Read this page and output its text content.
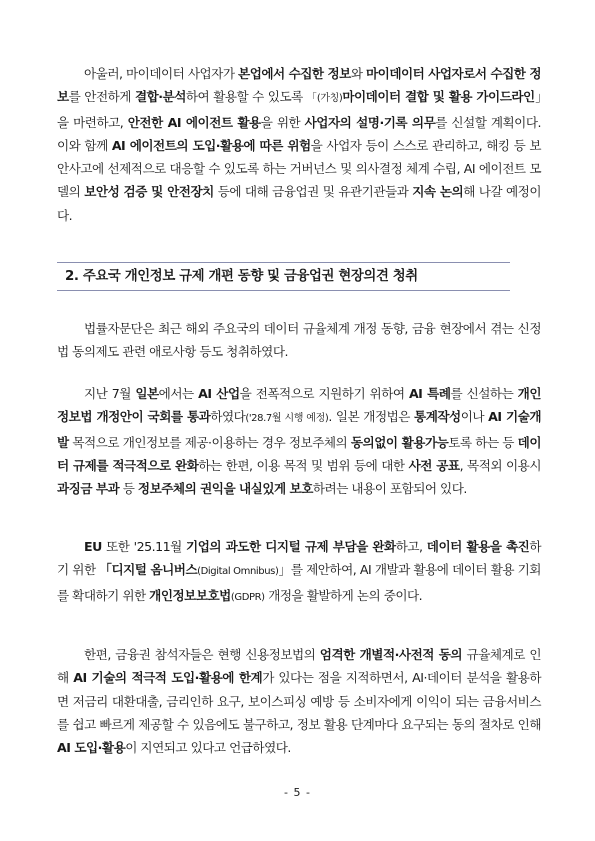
아울러, 마이데이터 사업자가 본업에서 수집한 정보와 마이데이터 사업자로서 수집한 정보를 안전하게 결합·분석하여 활용할 수 있도록 「(가칭)마이데이터 결합 및 활용 가이드라인」을 마련하고, 안전한 AI 에이전트 활용을 위한 사업자의 설명·기록 의무를 신설할 계획이다. 이와 함께 AI 에이전트의 도입·활용에 따른 위험을 사업자 등이 스스로 관리하고, 해킹 등 보안사고에 선제적으로 대응할 수 있도록 하는 거버넌스 및 의사결정 체계 수립, AI 에이전트 모델의 보안성 검증 및 안전장치 등에 대해 금융업권 및 유관기관들과 지속 논의해 나갈 예정이다.

2. 주요국 개인정보 규제 개편 동향 및 금융업권 현장의견 청취

법률자문단은 최근 해외 주요국의 데이터 규율체계 개정 동향, 금융 현장에서 겪는 신정법 동의제도 관련 애로사항 등도 청취하였다.

지난 7월 일본에서는 AI 산업을 전폭적으로 지원하기 위하여 AI 특례를 신설하는 개인정보법 개정안이 국회를 통과하였다('28.7월 시행 예정). 일본 개정법은 통계작성이나 AI 기술개발 목적으로 개인정보를 제공·이용하는 경우 정보주체의 동의없이 활용가능토록 하는 등 데이터 규제를 적극적으로 완화하는 한편, 이용 목적 및 범위 등에 대한 사전 공표, 목적외 이용시 과징금 부과 등 정보주체의 권익을 내실있게 보호하려는 내용이 포함되어 있다.

EU 또한 '25.11월 기업의 과도한 디지털 규제 부담을 완화하고, 데이터 활용을 촉진하기 위한 「디지털 옴니버스(Digital Omnibus)」를 제안하여, AI 개발과 활용에 데이터 활용 기회를 확대하기 위한 개인정보보호법(GDPR) 개정을 활발하게 논의 중이다.

한편, 금융권 참석자들은 현행 신용정보법의 엄격한 개별적·사전적 동의 규율체계로 인해 AI 기술의 적극적 도입·활용에 한계가 있다는 점을 지적하면서, AI·데이터 분석을 활용하면 저금리 대환대출, 금리인하 요구, 보이스피싱 예방 등 소비자에게 이익이 되는 금융서비스를 쉽고 빠르게 제공할 수 있음에도 불구하고, 정보 활용 단계마다 요구되는 동의 절차로 인해 AI 도입·활용이 지연되고 있다고 언급하였다.

- 5 -
